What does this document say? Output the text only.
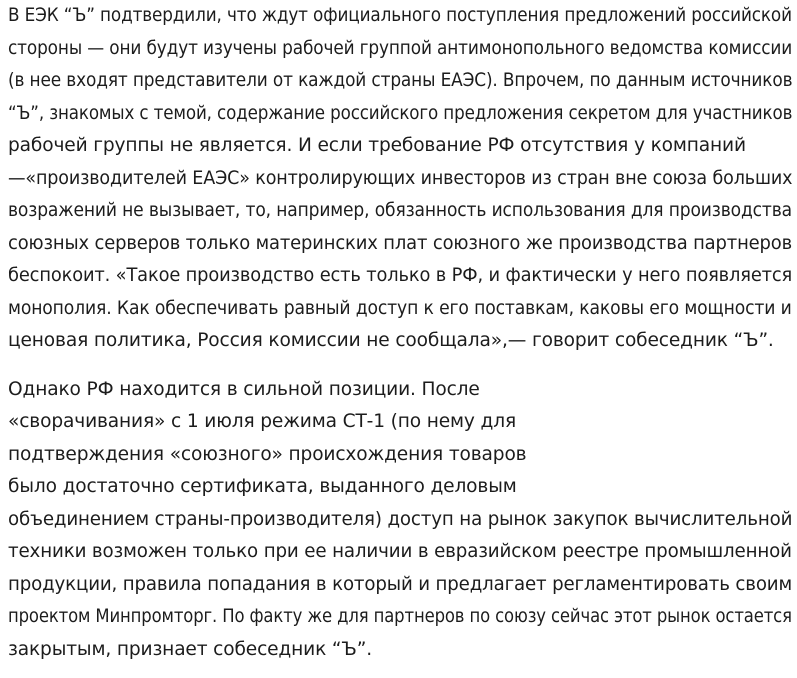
В ЕЭК “Ъ” подтвердили, что ждут официального поступления предложений российской
стороны — они будут изучены рабочей группой антимонопольного ведомства комиссии
(в нее входят представители от каждой страны ЕАЭС). Впрочем, по данным источников
“Ъ”, знакомых с темой, содержание российского предложения секретом для участников
рабочей группы не является. И если требование РФ отсутствия у компаний
—«производителей ЕАЭС» контролирующих инвесторов из стран вне союза больших
возражений не вызывает, то, например, обязанность использования для производства
союзных серверов только материнских плат союзного же производства партнеров
беспокоит. «Такое производство есть только в РФ, и фактически у него появляется
монополия. Как обеспечивать равный доступ к его поставкам, каковы его мощности и
ценовая политика, Россия комиссии не сообщала»,— говорит собеседник “Ъ”.

Однако РФ находится в сильной позиции. После
«сворачивания» с 1 июля режима СТ-1 (по нему для
подтверждения «союзного» происхождения товаров
было достаточно сертификата, выданного деловым
объединением страны-производителя) доступ на рынок закупок вычислительной
техники возможен только при ее наличии в евразийском реестре промышленной
продукции, правила попадания в который и предлагает регламентировать своим
проектом Минпромторг. По факту же для партнеров по союзу сейчас этот рынок остается
закрытым, признает собеседник “Ъ”.
